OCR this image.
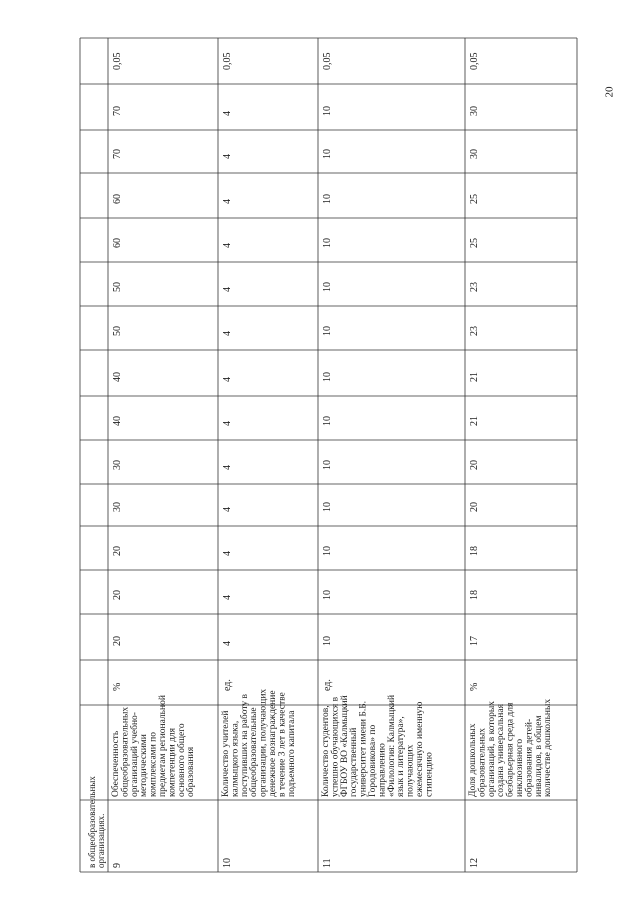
20
в общеобразовательных организациях. 9
Обеспеченность общеобразовательных организаций учебно- методическими комплексами по предметам региональной компетенции для основного общего образования
%
20
20
20
30
30
40
40
50
50
60
60
70
70
0,05
10
Количество учителей калмыцкого языка, поступивших на работу в общеобразовательные организации, получающих денежное вознаграждение в течение 3 лет в качестве подъемного капитала
ед.
4
4
4
4
4
4
4
4
4
4
4
4
4
0,05
11
Количество студентов, успешно обучающихся в ФГБОУ ВО «Калмыцкий государственный университет имени Б.Б. Городовикова» по направлению «Филология: Калмыцкий язык и литература», получающих ежемесячную именную стипендию
ед.
10
10
10
10
10
10
10
10
10
10
10
10
10
0,05
12
Доля дошкольных образовательных организаций, в которых создана универсальная безбарьерная среда для инклюзивного образования детей- инвалидов, в общем количестве дошкольных
%
17
18
18
20
20
21
21
23
23
25
25
30
30
0,05
